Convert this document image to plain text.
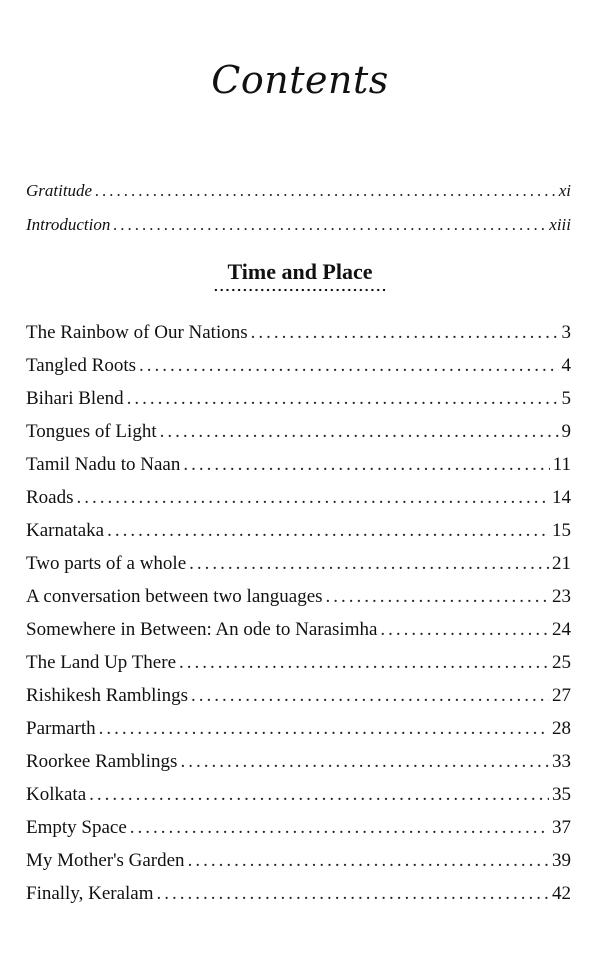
Contents
Gratitude .....	xi
Introduction .....	xiii
Time and Place
The Rainbow of Our Nations .....	3
Tangled Roots .....	4
Bihari Blend .....	5
Tongues of Light .....	9
Tamil Nadu to Naan .....	11
Roads .....	14
Karnataka .....	15
Two parts of a whole .....	21
A conversation between two languages .....	23
Somewhere in Between: An ode to Narasimha .....	24
The Land Up There .....	25
Rishikesh Ramblings .....	27
Parmarth .....	28
Roorkee Ramblings .....	33
Kolkata .....	35
Empty Space .....	37
My Mother's Garden .....	39
Finally, Keralam .....	42
